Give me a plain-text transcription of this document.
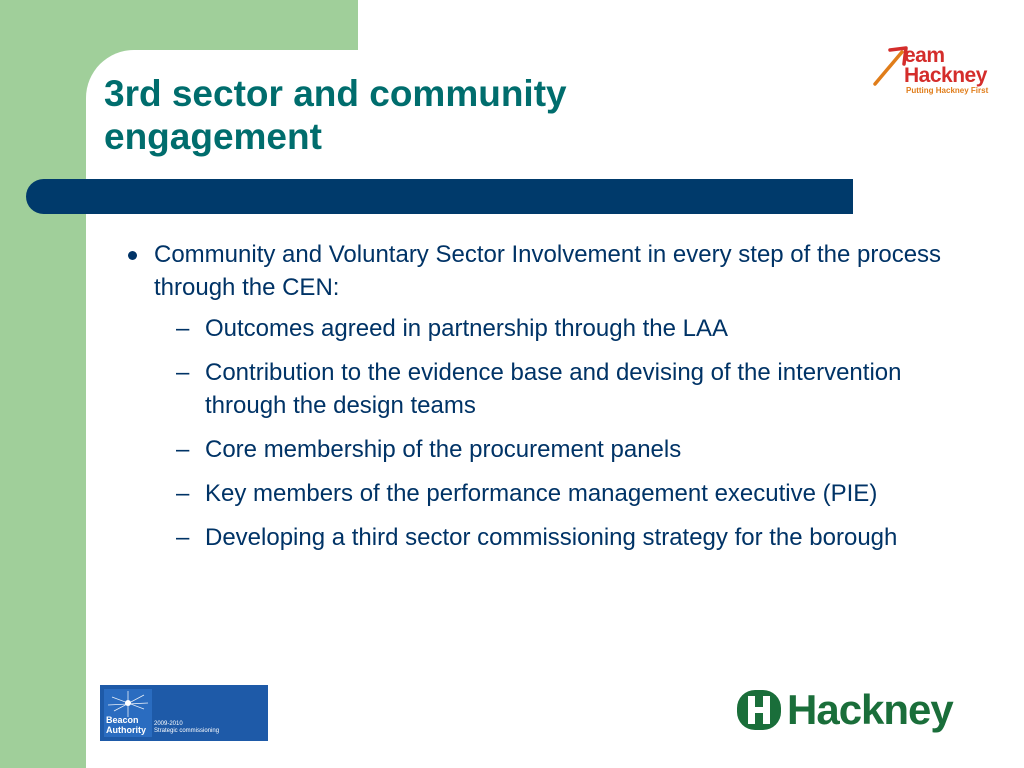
3rd sector and community
engagement
Community and Voluntary Sector Involvement in every step of the process through the CEN:
– Outcomes agreed in partnership through the LAA
– Contribution to the evidence base and devising of the intervention through the design teams
– Core membership of the procurement panels
– Key members of the performance management executive (PIE)
– Developing a third sector commissioning strategy for the borough
eam
Hackney
Putting Hackney First
Beacon
Authority
2009-2010
Strategic commissioning	Hackney
